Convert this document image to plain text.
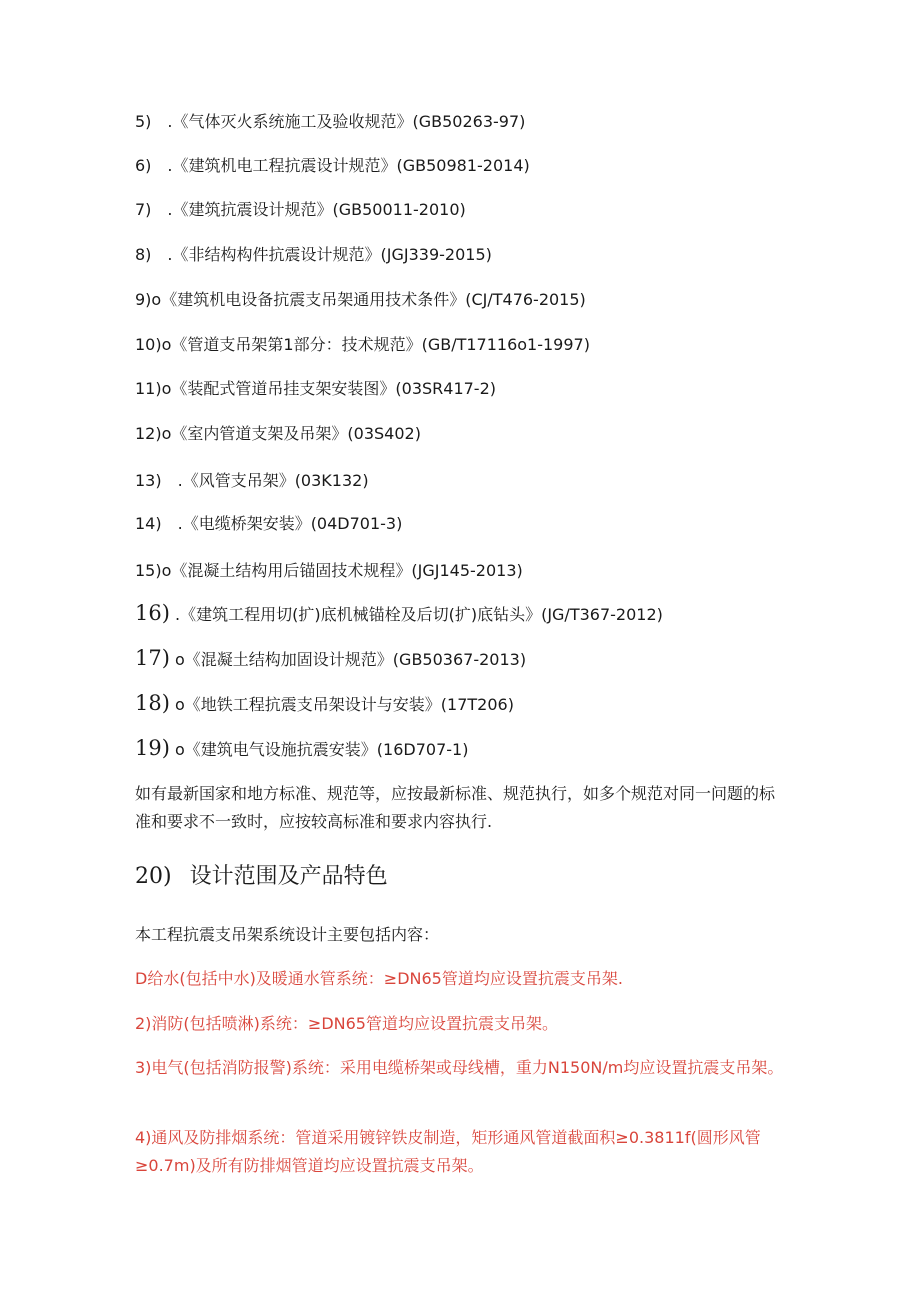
5)　.《气体灭火系统施工及验收规范》(GB50263-97)
6)　.《建筑机电工程抗震设计规范》(GB50981-2014)
7)　.《建筑抗震设计规范》(GB50011-2010)
8)　.《非结构构件抗震设计规范》(JGJ339-2015)
9)o《建筑机电设备抗震支吊架通用技术条件》(CJ/T476-2015)
10)o《管道支吊架第1部分：技术规范》(GB∕T17116o1-1997)
11)o《装配式管道吊挂支架安装图》(03SR417-2)
12)o《室内管道支架及吊架》(03S402)
13)　.《风管支吊架》(03K132)
14)　.《电缆桥架安装》(04D701-3)
15)o《混凝土结构用后锚固技术规程》(JGJ145-2013)
16) .《建筑工程用切(扩)底机械锚栓及后切(扩)底钻头》(JG/T367-2012)
17) o《混凝土结构加固设计规范》(GB50367-2013)
18) o《地铁工程抗震支吊架设计与安装》(17T206)
19) o《建筑电气设施抗震安装》(16D707-1)
如有最新国家和地方标准、规范等，应按最新标准、规范执行，如多个规范对同一问题的标准和要求不一致时，应按较高标准和要求内容执行.
20) 设计范围及产品特色
本工程抗震支吊架系统设计主要包括内容：
D给水(包括中水)及暖通水管系统：≥DN65管道均应设置抗震支吊架.
2)消防(包括喷淋)系统：≥DN65管道均应设置抗震支吊架。
3)电气(包括消防报警)系统：采用电缆桥架或母线槽，重力N150N∕m均应设置抗震支吊架。
4)通风及防排烟系统：管道采用镀锌铁皮制造，矩形通风管道截面积≥0.3811f(圆形风管≥0.7m)及所有防排烟管道均应设置抗震支吊架。
